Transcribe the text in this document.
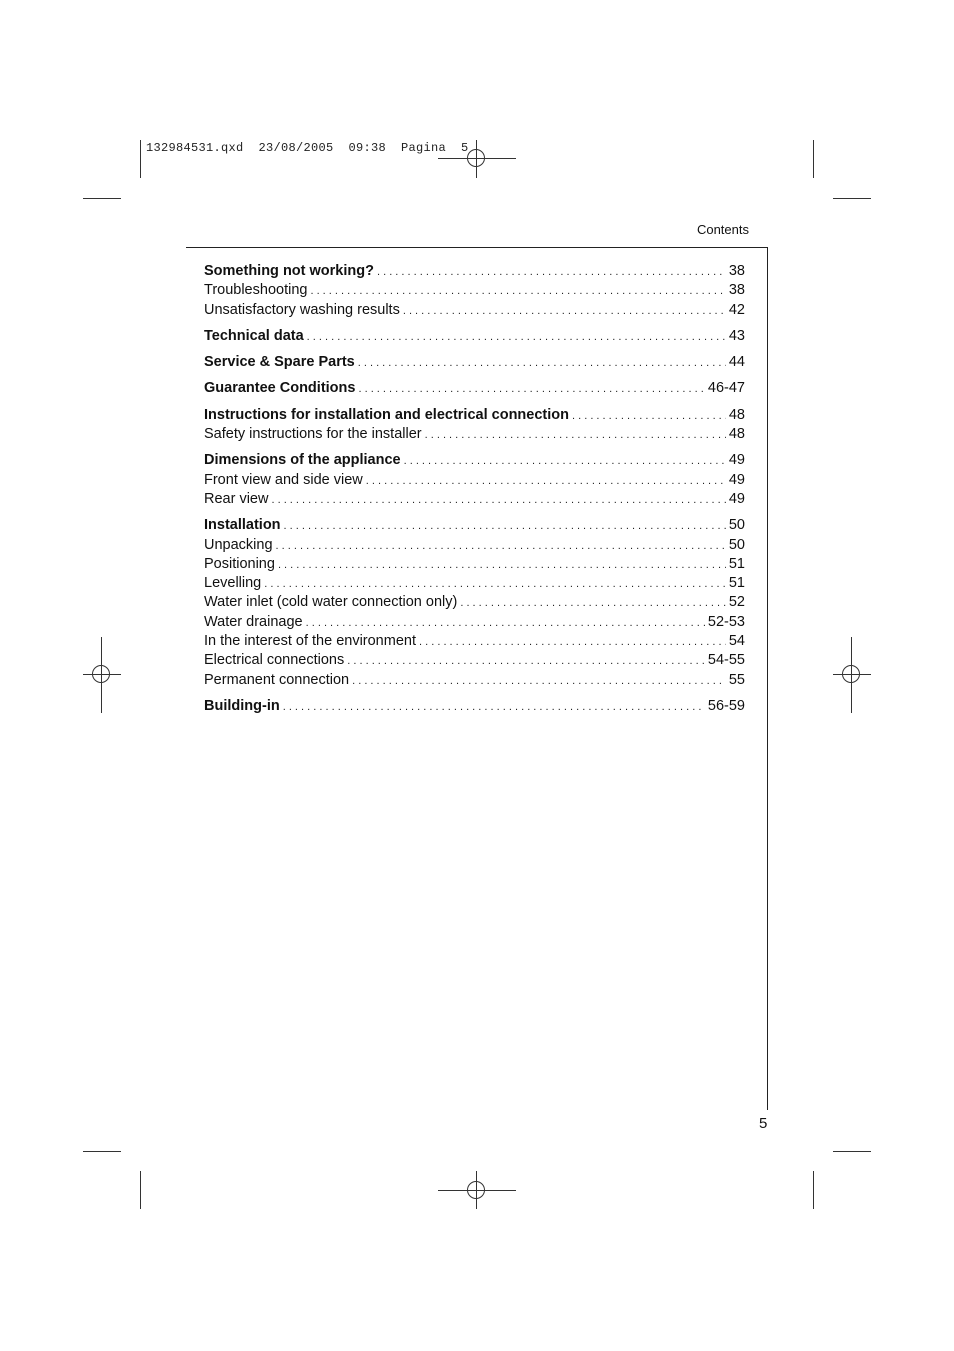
132984531.qxd  23/08/2005  09:38  Pagina  5
Contents
Something not working? . . .	38
Troubleshooting . . .	38
Unsatisfactory washing results . . .	42
Technical data . . .	43
Service & Spare Parts . . .	44
Guarantee Conditions . . .	46-47
Instructions for installation and electrical connection . . .	48
Safety instructions for the installer . . .	48
Dimensions of the appliance . . .	49
Front view and side view . . .	49
Rear view . . .	49
Installation . . .	50
Unpacking . . .	50
Positioning . . .	51
Levelling . . .	51
Water inlet (cold water connection only) . . .	52
Water drainage . . .	52-53
In the interest of the environment . . .	54
Electrical connections . . .	54-55
Permanent connection . . .	55
Building-in . . .	56-59
5
